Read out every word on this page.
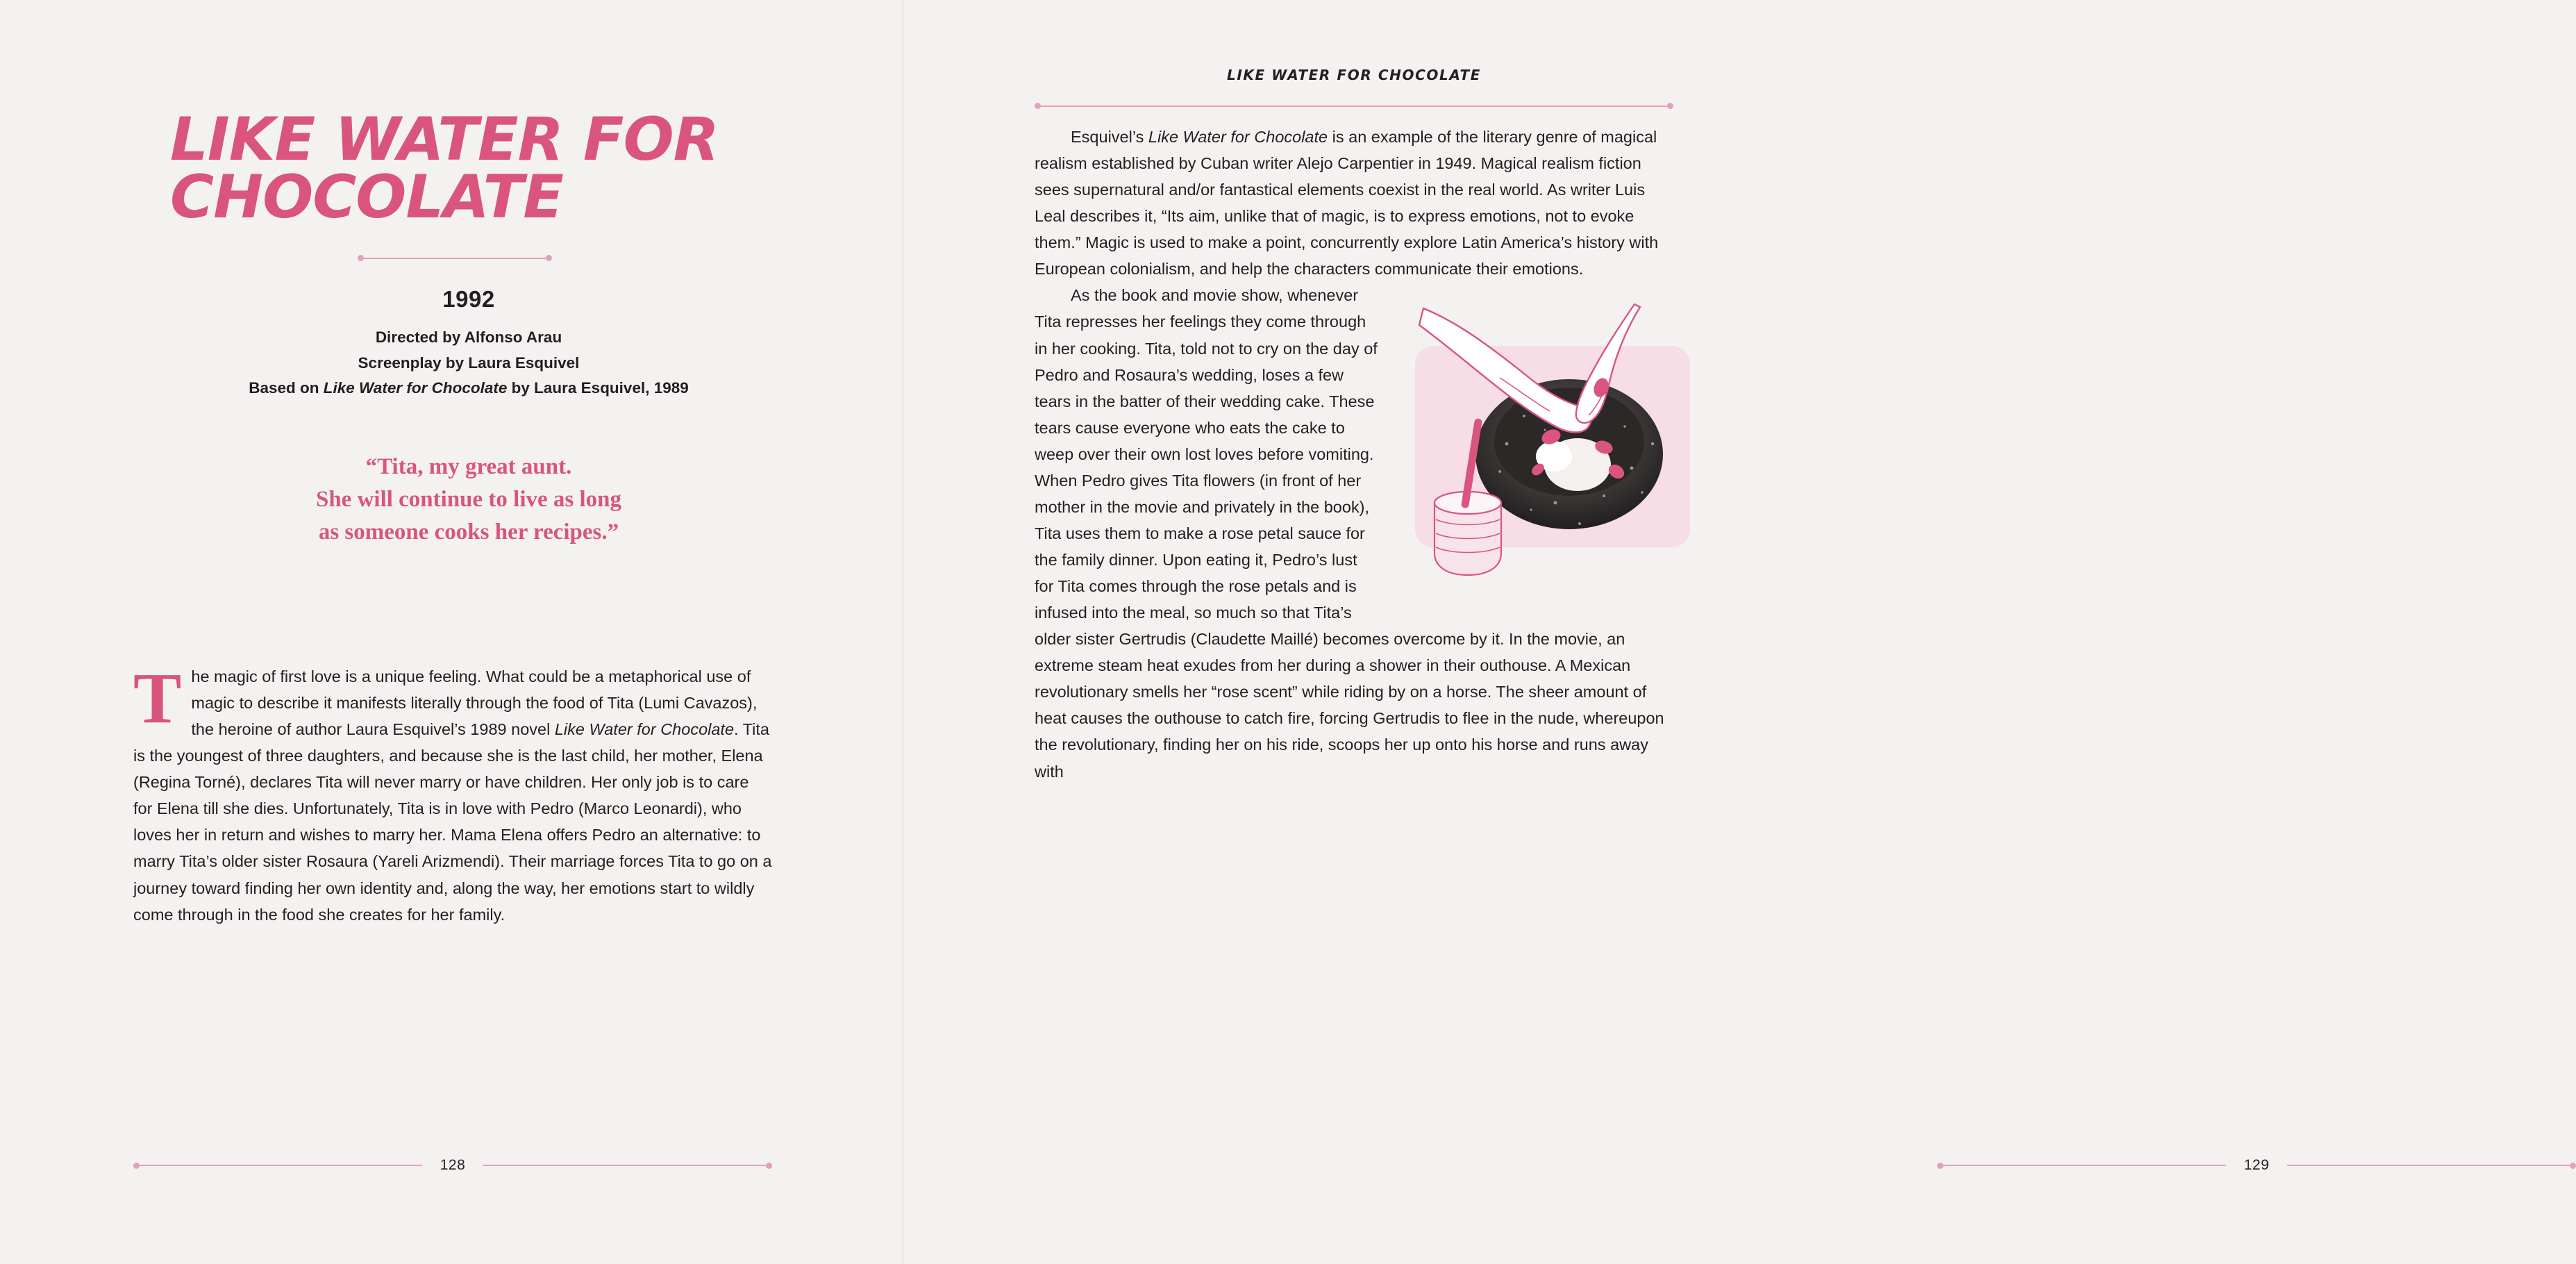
LIKE WATER FOR CHOCOLATE
1992
Directed by Alfonso Arau
Screenplay by Laura Esquivel
Based on Like Water for Chocolate by Laura Esquivel, 1989
“Tita, my great aunt.
She will continue to live as long
as someone cooks her recipes.”

The magic of first love is a unique feeling. What could be a metaphorical use of magic to describe it manifests literally through the food of Tita (Lumi Cavazos), the heroine of author Laura Esquivel’s 1989 novel Like Water for Chocolate. Tita is the youngest of three daughters, and because she is the last child, her mother, Elena (Regina Torné), declares Tita will never marry or have children. Her only job is to care for Elena till she dies. Unfortunately, Tita is in love with Pedro (Marco Leonardi), who loves her in return and wishes to marry her. Mama Elena offers Pedro an alternative: to marry Tita’s older sister Rosaura (Yareli Arizmendi). Their marriage forces Tita to go on a journey toward finding her own identity and, along the way, her emotions start to wildly come through in the food she creates for her family.

128
LIKE WATER FOR CHOCOLATE

Esquivel’s Like Water for Chocolate is an example of the literary genre of magical realism established by Cuban writer Alejo Carpentier in 1949. Magical realism fiction sees supernatural and/or fantastical elements coexist in the real world. As writer Luis Leal describes it, “Its aim, unlike that of magic, is to express emotions, not to evoke them.” Magic is used to make a point, concurrently explore Latin America’s history with European colonialism, and help the characters communicate their emotions.

As the book and movie show, whenever Tita represses her feelings they come through in her cooking. Tita, told not to cry on the day of Pedro and Rosaura’s wedding, loses a few tears in the batter of their wedding cake. These tears cause everyone who eats the cake to weep over their own lost loves before vomiting. When Pedro gives Tita flowers (in front of her mother in the movie and privately in the book), Tita uses them to make a rose petal sauce for the family dinner. Upon eating it, Pedro’s lust for Tita comes through the rose petals and is infused into the meal, so much so that Tita’s older sister Gertrudis (Claudette Maillé) becomes overcome by it. In the movie, an extreme steam heat exudes from her during a shower in their outhouse. A Mexican revolutionary smells her “rose scent” while riding by on a horse. The sheer amount of heat causes the outhouse to catch fire, forcing Gertrudis to flee in the nude, whereupon the revolutionary, finding her on his ride, scoops her up onto his horse and runs away with

129
